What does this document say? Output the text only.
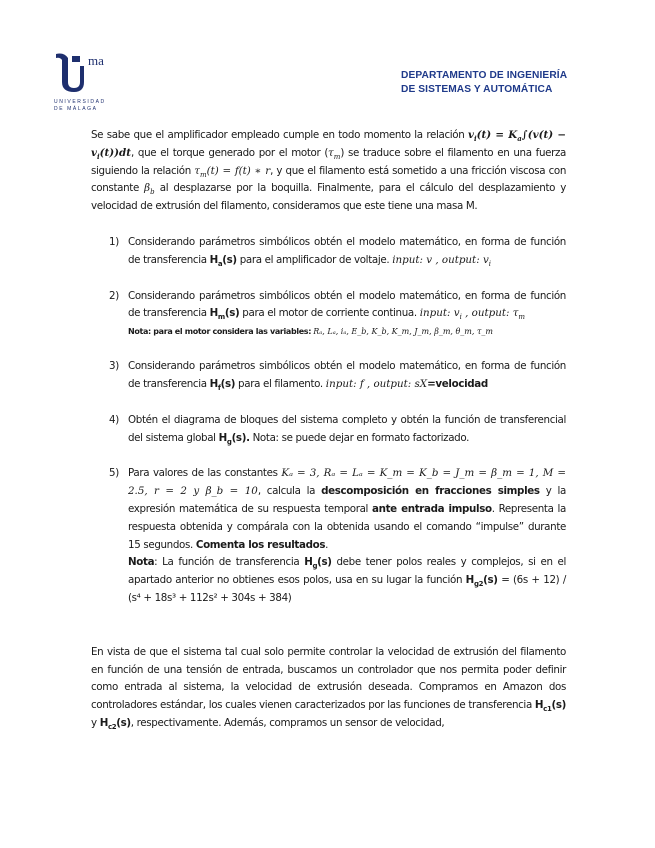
ma
UNIVERSIDAD
DE MÁLAGA
DEPARTAMENTO DE INGENIERÍA
DE SISTEMAS Y AUTOMÁTICA

Se sabe que el amplificador empleado cumple en todo momento la relación $v_i(t) = K_a\int(v(t) - v_i(t))dt$, que el torque generado por el motor $(\tau_m)$ se traduce sobre el filamento en una fuerza siguiendo la relación $\tau_m(t) = f(t)$ ∗ r, y que el filamento está sometido a una fricción viscosa con constante $\beta_b$ al desplazarse por la boquilla. Finalmente, para el cálculo del desplazamiento y velocidad de extrusión del filamento, consideramos que este tiene una masa M.

1) Considerando parámetros simbólicos obtén el modelo matemático, en forma de función de transferencia $H_a(s)$ para el amplificador de voltaje. input: v , output: $v_i$
2) Considerando parámetros simbólicos obtén el modelo matemático, en forma de función de transferencia $H_m(s)$ para el motor de corriente continua. input: $v_i$ , output: $\tau_m$
Nota: para el motor considera las variables: Rₐ, Lₐ, iₐ, E_b, K_b, K_m, J_m, β_m, θ_m, τ_m
3) Considerando parámetros simbólicos obtén el modelo matemático, en forma de función de transferencia $H_f(s)$ para el filamento. input: f , output: sX=velocidad
4) Obtén el diagrama de bloques del sistema completo y obtén la función de transferencial del sistema global $H_g(s)$. Nota: se puede dejar en formato factorizado.
5) Para valores de las constantes Kₐ = 3, Rₐ = Lₐ = K_m = K_b = J_m = β_m = 1, M = 2.5, r = 2 y β_b = 10, calcula la descomposición en fracciones simples y la expresión matemática de su respuesta temporal ante entrada impulso. Representa la respuesta obtenida y compárala con la obtenida usando el comando “impulse” durante 15 segundos. Comenta los resultados.
Nota: La función de transferencia $H_g(s)$ debe tener polos reales y complejos, si en el apartado anterior no obtienes esos polos, usa en su lugar la función $H_{g2}(s) = (6s + 12) / (s^4 + 18s^3 + 112s^2 + 304s + 384)$

En vista de que el sistema tal cual solo permite controlar la velocidad de extrusión del filamento en función de una tensión de entrada, buscamos un controlador que nos permita poder definir como entrada al sistema, la velocidad de extrusión deseada. Compramos en Amazon dos controladores estándar, los cuales vienen caracterizados por las funciones de transferencia $H_{c1}(s)$ y $H_{c2}(s)$, respectivamente. Además, compramos un sensor de velocidad,
